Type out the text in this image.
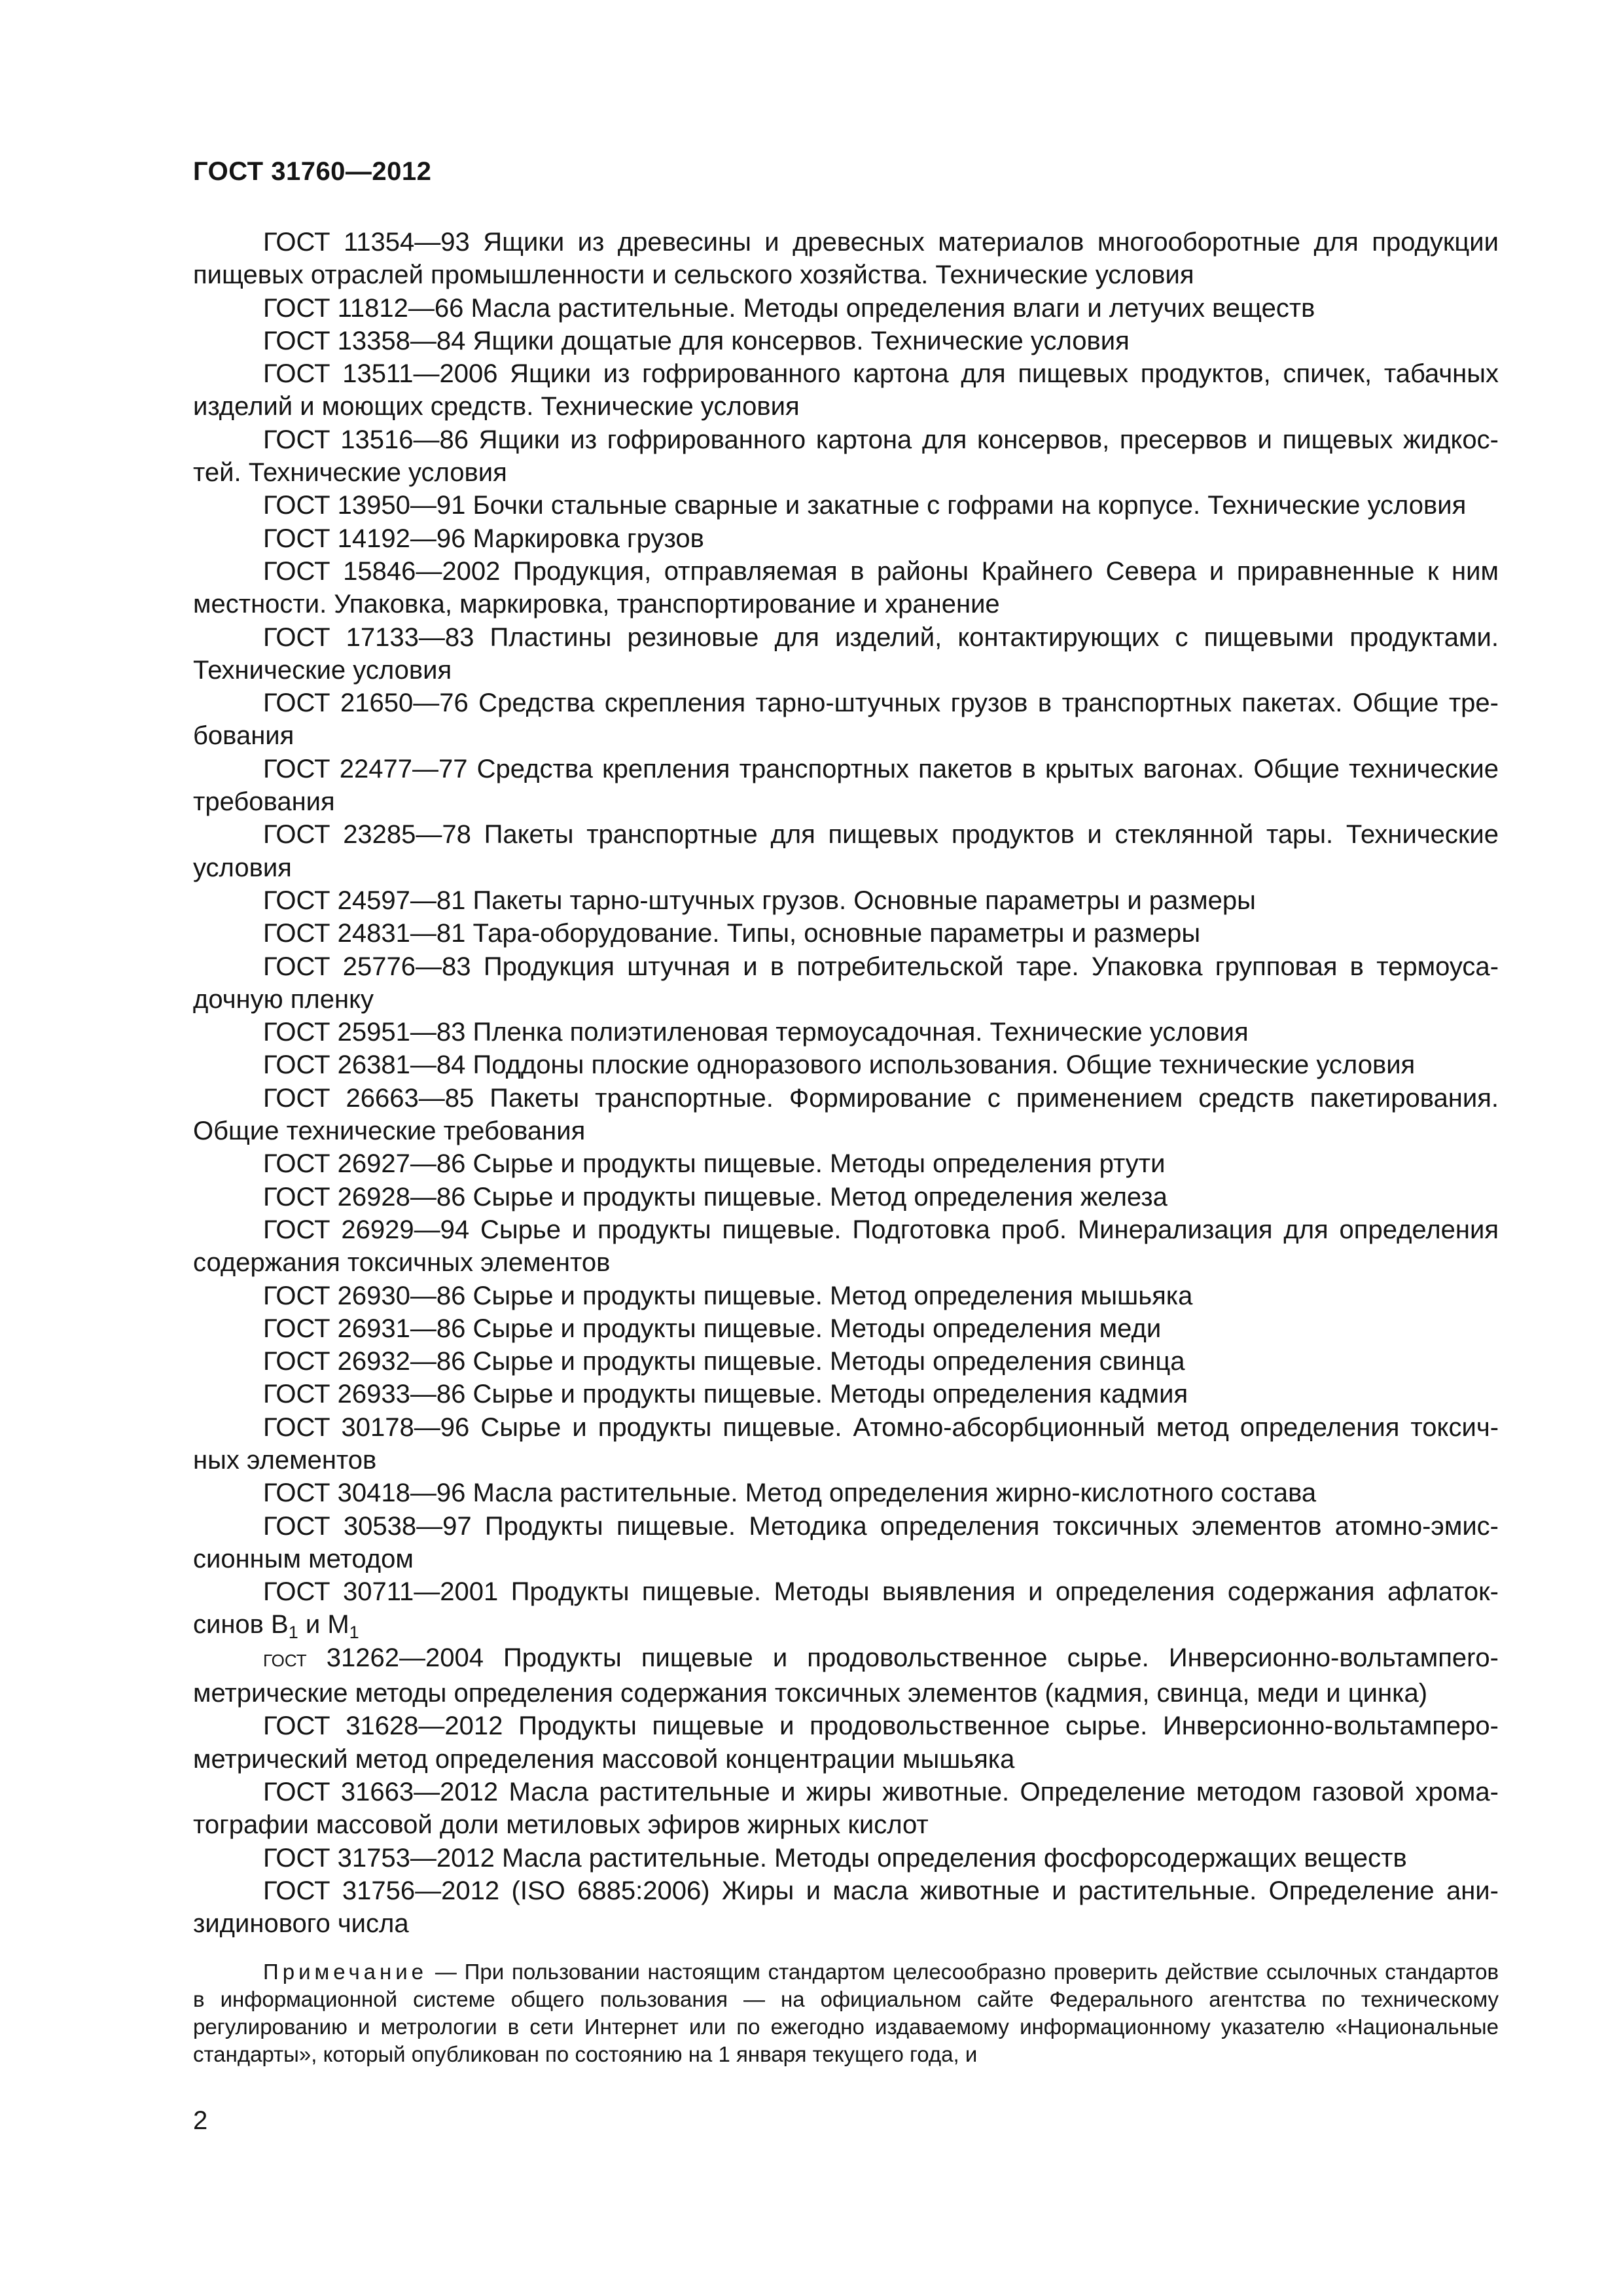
ГОСТ 31760—2012

ГОСТ 11354—93 Ящики из древесины и древесных материалов многооборотные для продукции пищевых отраслей промышленности и сельского хозяйства. Технические условия

ГОСТ 11812—66 Масла растительные. Методы определения влаги и летучих веществ

ГОСТ 13358—84 Ящики дощатые для консервов. Технические условия

ГОСТ 13511—2006 Ящики из гофрированного картона для пищевых продуктов, спичек, табачных изделий и моющих средств. Технические условия

ГОСТ 13516—86 Ящики из гофрированного картона для консервов, пресервов и пищевых жидкостей. Технические условия

ГОСТ 13950—91 Бочки стальные сварные и закатные с гофрами на корпусе. Технические условия

ГОСТ 14192—96 Маркировка грузов

ГОСТ 15846—2002 Продукция, отправляемая в районы Крайнего Севера и приравненные к ним местности. Упаковка, маркировка, транспортирование и хранение

ГОСТ 17133—83 Пластины резиновые для изделий, контактирующих с пищевыми продуктами. Технические условия

ГОСТ 21650—76 Средства скрепления тарно-штучных грузов в транспортных пакетах. Общие требования

ГОСТ 22477—77 Средства крепления транспортных пакетов в крытых вагонах. Общие технические требования

ГОСТ 23285—78 Пакеты транспортные для пищевых продуктов и стеклянной тары. Технические условия

ГОСТ 24597—81 Пакеты тарно-штучных грузов. Основные параметры и размеры

ГОСТ 24831—81 Тара-оборудование. Типы, основные параметры и размеры

ГОСТ 25776—83 Продукция штучная и в потребительской таре. Упаковка групповая в термоусадочную пленку

ГОСТ 25951—83 Пленка полиэтиленовая термоусадочная. Технические условия

ГОСТ 26381—84 Поддоны плоские одноразового использования. Общие технические условия

ГОСТ 26663—85 Пакеты транспортные. Формирование с применением средств пакетирования. Общие технические требования

ГОСТ 26927—86 Сырье и продукты пищевые. Методы определения ртути

ГОСТ 26928—86 Сырье и продукты пищевые. Метод определения железа

ГОСТ 26929—94 Сырье и продукты пищевые. Подготовка проб. Минерализация для определения содержания токсичных элементов

ГОСТ 26930—86 Сырье и продукты пищевые. Метод определения мышьяка

ГОСТ 26931—86 Сырье и продукты пищевые. Методы определения меди

ГОСТ 26932—86 Сырье и продукты пищевые. Методы определения свинца

ГОСТ 26933—86 Сырье и продукты пищевые. Методы определения кадмия

ГОСТ 30178—96 Сырье и продукты пищевые. Атомно-абсорбционный метод определения токсичных элементов

ГОСТ 30418—96 Масла растительные. Метод определения жирно-кислотного состава

ГОСТ 30538—97 Продукты пищевые. Методика определения токсичных элементов атомно-эмиссионным методом

ГОСТ 30711—2001 Продукты пищевые. Методы выявления и определения содержания афлатоксинов $В_1$ и $М_1$

ГОСТ 31262—2004 Продукты пищевые и продовольственное сырье. Инверсионно-вольтампeroметрические методы определения содержания токсичных элементов (кадмия, свинца, меди и цинка)

ГОСТ 31628—2012 Продукты пищевые и продовольственное сырье. Инверсионно-вольтамперометрический метод определения массовой концентрации мышьяка

ГОСТ 31663—2012 Масла растительные и жиры животные. Определение методом газовой хроматографии массовой доли метиловых эфиров жирных кислот

ГОСТ 31753—2012 Масла растительные. Методы определения фосфорсодержащих веществ

ГОСТ 31756—2012 (ISO 6885:2006) Жиры и масла животные и растительные. Определение анизидинового числа

Примечание — При пользовании настоящим стандартом целесообразно проверить действие ссылочных стандартов в информационной системе общего пользования — на официальном сайте Федерального агентства по техническому регулированию и метрологии в сети Интернет или по ежегодно издаваемому информационному указателю «Национальные стандарты», который опубликован по состоянию на 1 января текущего года, и
2
